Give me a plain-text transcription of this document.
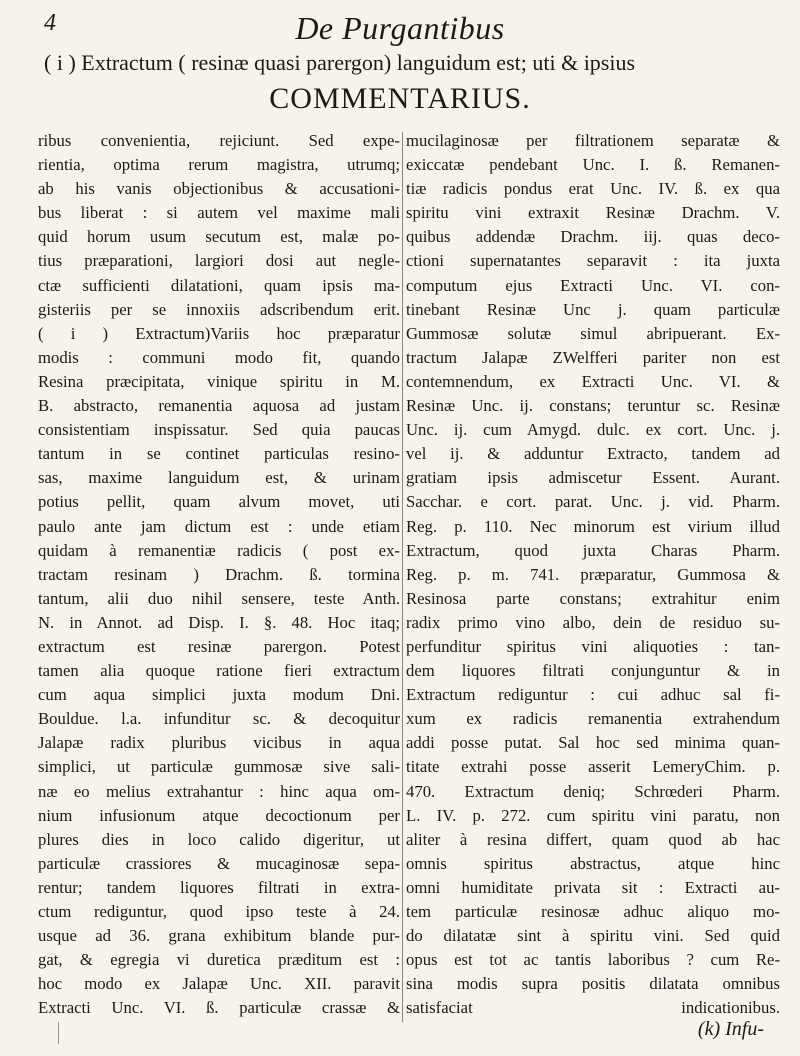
4	De Purgantibus
( i ) Extractum ( resinæ quasi parergon) languidum est; uti & ipsius
COMMENTARIUS.
ribus convenientia, rejiciunt. Sed expe-
rientia, optima rerum magistra, utrumq;
ab his vanis objectionibus & accusationi-
bus liberat : si autem vel maxime mali
quid horum usum secutum est, malæ po-
tius præparationi, largiori dosi aut negle-
ctæ sufficienti dilatationi, quam ipsis ma-
gisteriis per se innoxiis adscribendum erit.
( i ) Extractum)Variis hoc præparatur
modis : communi modo fit, quando
Resina præcipitata, vinique spiritu in M.
B. abstracto, remanentia aquosa ad justam
consistentiam inspissatur. Sed quia paucas
tantum in se continet particulas resino-
sas, maxime languidum est, & urinam
potius pellit, quam alvum movet, uti
paulo ante jam dictum est : unde etiam
quidam à remanentiæ radicis ( post ex-
tractam resinam ) Drachm. ß. tormina
tantum, alii duo nihil sensere, teste Anth.
N. in Annot. ad Disp. I. §. 48. Hoc itaq;
extractum est resinæ parergon. Potest
tamen alia quoque ratione fieri extractum
cum aqua simplici juxta modum Dni.
Bouldue. l.a. infunditur sc. & decoquitur
Jalapæ radix pluribus vicibus in aqua
simplici, ut particulæ gummosæ sive sali-
næ eo melius extrahantur : hinc aqua om-
nium infusionum atque decoctionum per
plures dies in loco calido digeritur, ut
particulæ crassiores & mucaginosæ sepa-
rentur; tandem liquores filtrati in extra-
ctum rediguntur, quod ipso teste à 24.
usque ad 36. grana exhibitum blande pur-
gat, & egregia vi duretica præditum est :
hoc modo ex Jalapæ Unc. XII. paravit
Extracti Unc. VI. ß. particulæ crassæ &
mucilaginosæ per filtrationem separatæ &
exiccatæ pendebant Unc. I. ß. Remanen-
tiæ radicis pondus erat Unc. IV. ß. ex qua
spiritu vini extraxit Resinæ Drachm. V.
quibus addendæ Drachm. iij. quas deco-
ctioni supernatantes separavit : ita juxta
computum ejus Extracti Unc. VI. con-
tinebant Resinæ Unc j. quam particulæ
Gummosæ solutæ simul abripuerant. Ex-
tractum Jalapæ ZWelfferi pariter non est
contemnendum, ex Extracti Unc. VI. &
Resinæ Unc. ij. constans; teruntur sc. Resinæ
Unc. ij. cum Amygd. dulc. ex cort. Unc. j.
vel ij. & adduntur Extracto, tandem ad
gratiam ipsis admiscetur Essent. Aurant.
Sacchar. e cort. parat. Unc. j. vid. Pharm.
Reg. p. 110. Nec minorum est virium illud
Extractum, quod juxta Charas Pharm.
Reg. p. m. 741. præparatur, Gummosa &
Resinosa parte constans; extrahitur enim
radix primo vino albo, dein de residuo su-
perfunditur spiritus vini aliquoties : tan-
dem liquores filtrati conjunguntur & in
Extractum rediguntur : cui adhuc sal fi-
xum ex radicis remanentia extrahendum
addi posse putat. Sal hoc sed minima quan-
titate extrahi posse asserit LemeryChim. p.
470. Extractum deniq; Schrœderi Pharm.
L. IV. p. 272. cum spiritu vini paratu, non
aliter à resina differt, quam quod ab hac
omnis spiritus abstractus, atque hinc
omni humiditate privata sit : Extracti au-
tem particulæ resinosæ adhuc aliquo mo-
do dilatatæ sint à spiritu vini. Sed quid
opus est tot ac tantis laboribus ? cum Re-
sina modis supra positis dilatata omnibus
satisfaciat indicationibus.
(k) Infu-
